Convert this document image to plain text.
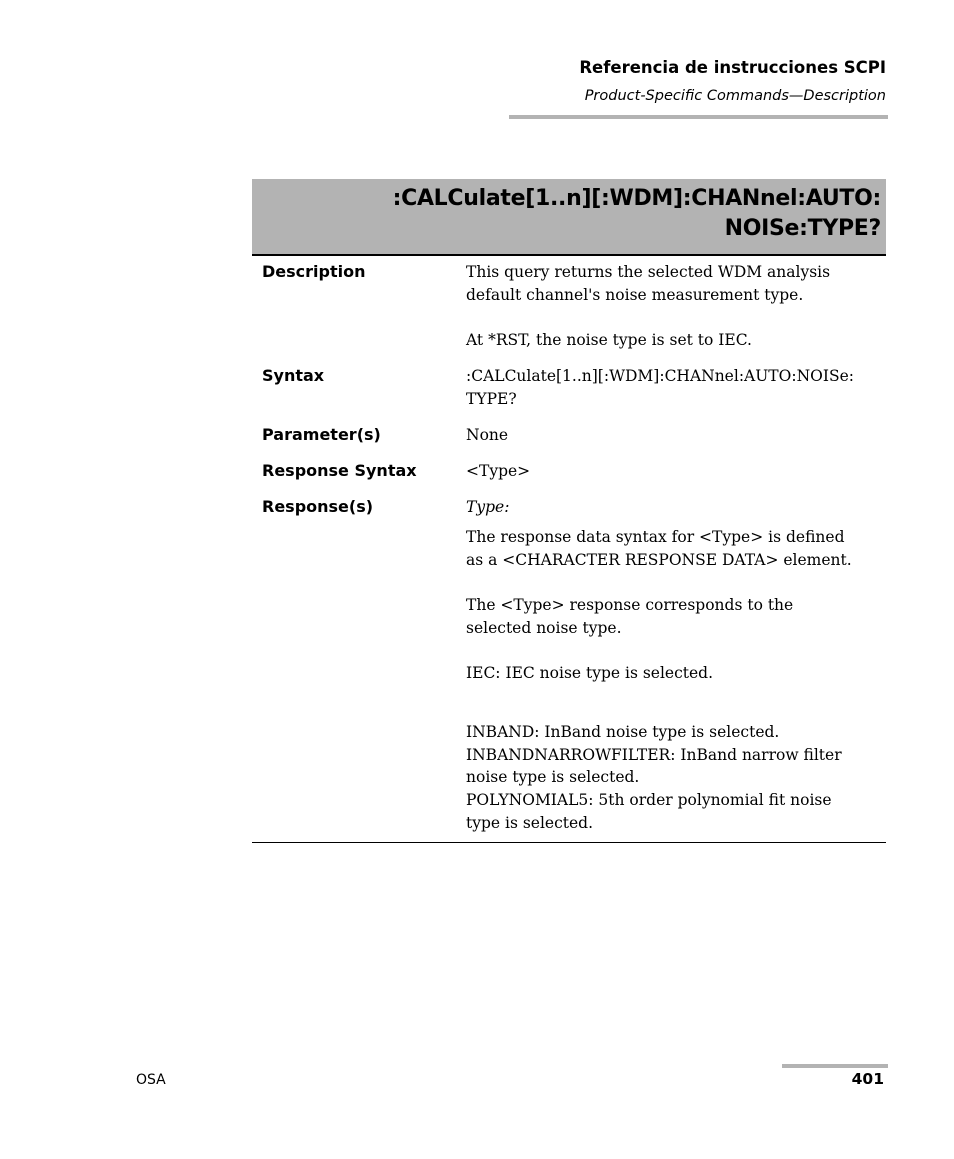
Referencia de instrucciones SCPI
Product-Specific Commands—Description
:CALCulate[1..n][:WDM]:CHANnel:AUTO:
NOISe:TYPE?
Description	This query returns the selected WDM analysis
default channel's noise measurement type.
At *RST, the noise type is set to IEC.
Syntax	:CALCulate[1..n][:WDM]:CHANnel:AUTO:NOISe:
TYPE?
Parameter(s)	None
Response Syntax	<Type>
Response(s)	Type:
The response data syntax for <Type> is defined
as a <CHARACTER RESPONSE DATA> element.
The <Type> response corresponds to the
selected noise type.
IEC: IEC noise type is selected.
INBAND: InBand noise type is selected.
INBANDNARROWFILTER: InBand narrow filter
noise type is selected.
POLYNOMIAL5: 5th order polynomial fit noise
type is selected.
OSA	401
